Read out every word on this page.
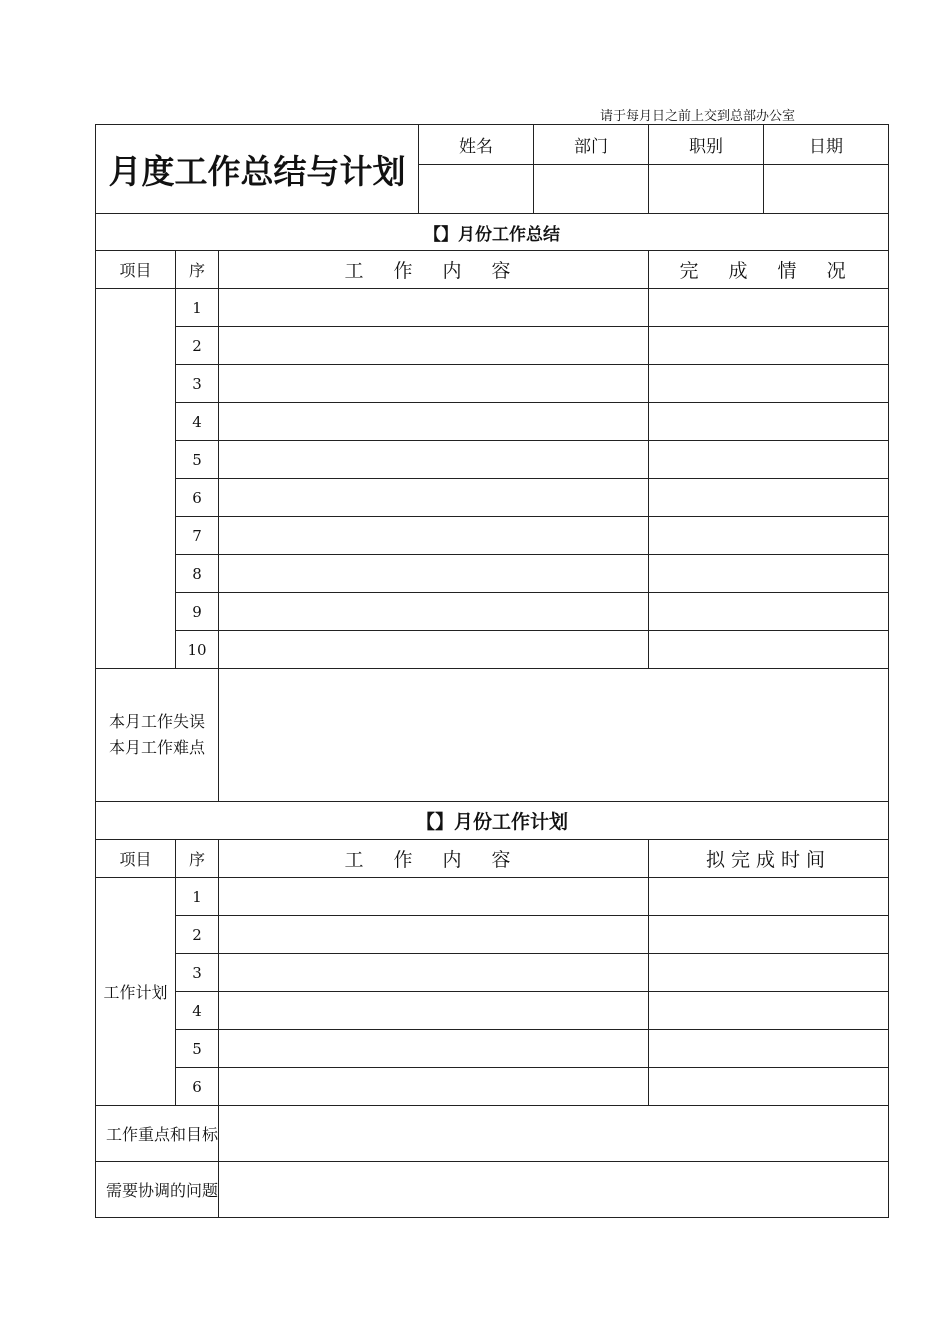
请于每月日之前上交到总部办公室
月度工作总结与计划			姓名	部门	职别	日期

【】月份工作总结						
项目	序	工 作 内 容			完 成 情 况	
	1					
	2					
	3					
	4					
	5					
	6					
	7					
	8					
	9					
	10					

本月工作失误
本月工作难点						

【】月份工作计划						
项目	序	工 作 内 容			拟完成时间	
工作计划	1					
	2					
	3					
	4					
	5					
	6					
工作重点和目标						
需要协调的问题						
